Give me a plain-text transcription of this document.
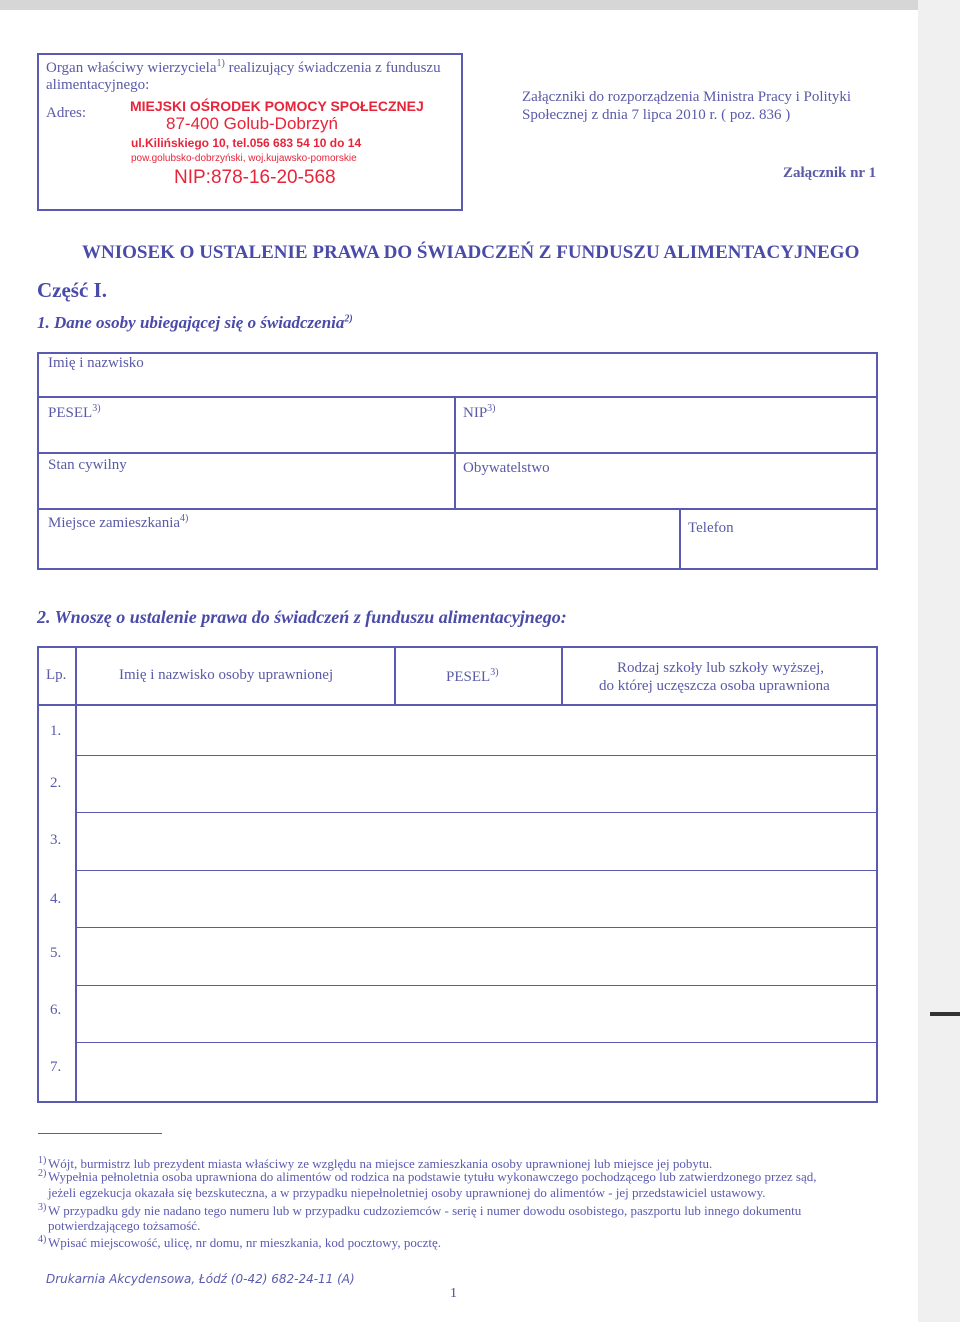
Organ właściwy wierzyciela$^{1)}$ realizujący świadczenia z funduszu
alimentacyjnego:
Adres:	MIEJSKI OŚRODEK POMOCY SPOŁECZNEJ
87-400 Golub-Dobrzyń
ul.Kilińskiego 10, tel.056 683 54 10 do 14
pow.golubsko-dobrzyński, woj.kujawsko-pomorskie
NIP:878-16-20-568
Załączniki do rozporządzenia Ministra Pracy i Polityki
Społecznej z dnia 7 lipca 2010 r. ( poz. 836 )
Załącznik nr 1
WNIOSEK O USTALENIE PRAWA DO ŚWIADCZEŃ Z FUNDUSZU ALIMENTACYJNEGO
Część I.
1. Dane osoby ubiegającej się o świadczenia$^{2)}$
Imię i nazwisko
PESEL$^{3)}$	NIP$^{3)}$
Stan cywilny	Obywatelstwo
Miejsce zamieszkania$^{4)}$
Telefon
2. Wnoszę o ustalenie prawa do świadczeń z funduszu alimentacyjnego:
Lp.	Imię i nazwisko osoby uprawnionej	PESEL$^{3)}$	Rodzaj szkoły lub szkoły wyższej,
do której uczęszcza osoba uprawniona
1.
2.
3.
4.
5.
6.
7.
1) Wójt, burmistrz lub prezydent miasta właściwy ze względu na miejsce zamieszkania osoby uprawnionej lub miejsce jej pobytu.
2) Wypełnia pełnoletnia osoba uprawniona do alimentów od rodzica na podstawie tytułu wykonawczego pochodzącego lub zatwierdzonego przez sąd,
jeżeli egzekucja okazała się bezskuteczna, a w przypadku niepełnoletniej osoby uprawnionej do alimentów - jej przedstawiciel ustawowy.
3) W przypadku gdy nie nadano tego numeru lub w przypadku cudzoziemców - serię i numer dowodu osobistego, paszportu lub innego dokumentu
potwierdzającego tożsamość.
4) Wpisać miejscowość, ulicę, nr domu, nr mieszkania, kod pocztowy, pocztę.
Drukarnia Akcydensowa, Łódź (0-42) 682-24-11 (A)
1
